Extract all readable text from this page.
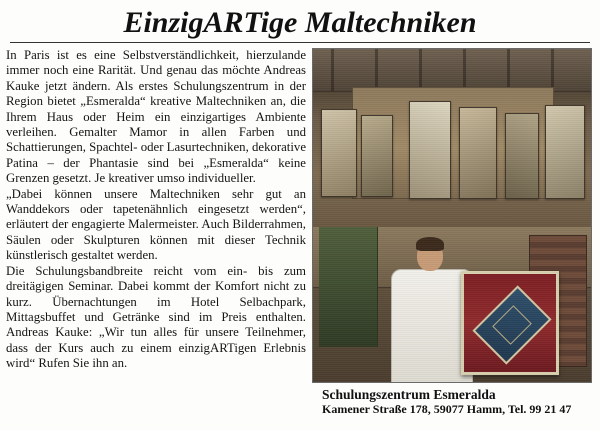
EinzigARTige Maltechniken

In Paris ist es eine Selbstverständlichkeit, hierzulande immer noch eine Rarität. Und genau das möchte Andreas Kauke jetzt ändern. Als erstes Schulungszentrum in der Region bietet „Esmeralda“ kreative Maltechniken an, die Ihrem Haus oder Heim ein einzigartiges Ambiente verleihen. Gemalter Mamor in allen Farben und Schattierungen, Spachtel- oder Lasurtechniken, dekorative Patina – der Phantasie sind bei „Esmeralda“ keine Grenzen gesetzt. Je kreativer umso individueller.

„Dabei können unsere Maltechniken sehr gut an Wanddekors oder tapetenähnlich eingesetzt werden“, erläutert der engagierte Malermeister. Auch Bilderrahmen, Säulen oder Skulpturen können mit dieser Technik künstlerisch gestaltet werden.

Die Schulungsbandbreite reicht vom ein- bis zum dreitägigen Seminar. Dabei kommt der Komfort nicht zu kurz. Übernachtungen im Hotel Selbachpark, Mittagsbuffet und Getränke sind im Preis enthalten. Andreas Kauke: „Wir tun alles für unsere Teilnehmer, dass der Kurs auch zu einem einzigARTigen Erlebnis wird“ Rufen Sie ihn an.

Schulungszentrum Esmeralda
Kamener Straße 178, 59077 Hamm, Tel. 99 21 47
